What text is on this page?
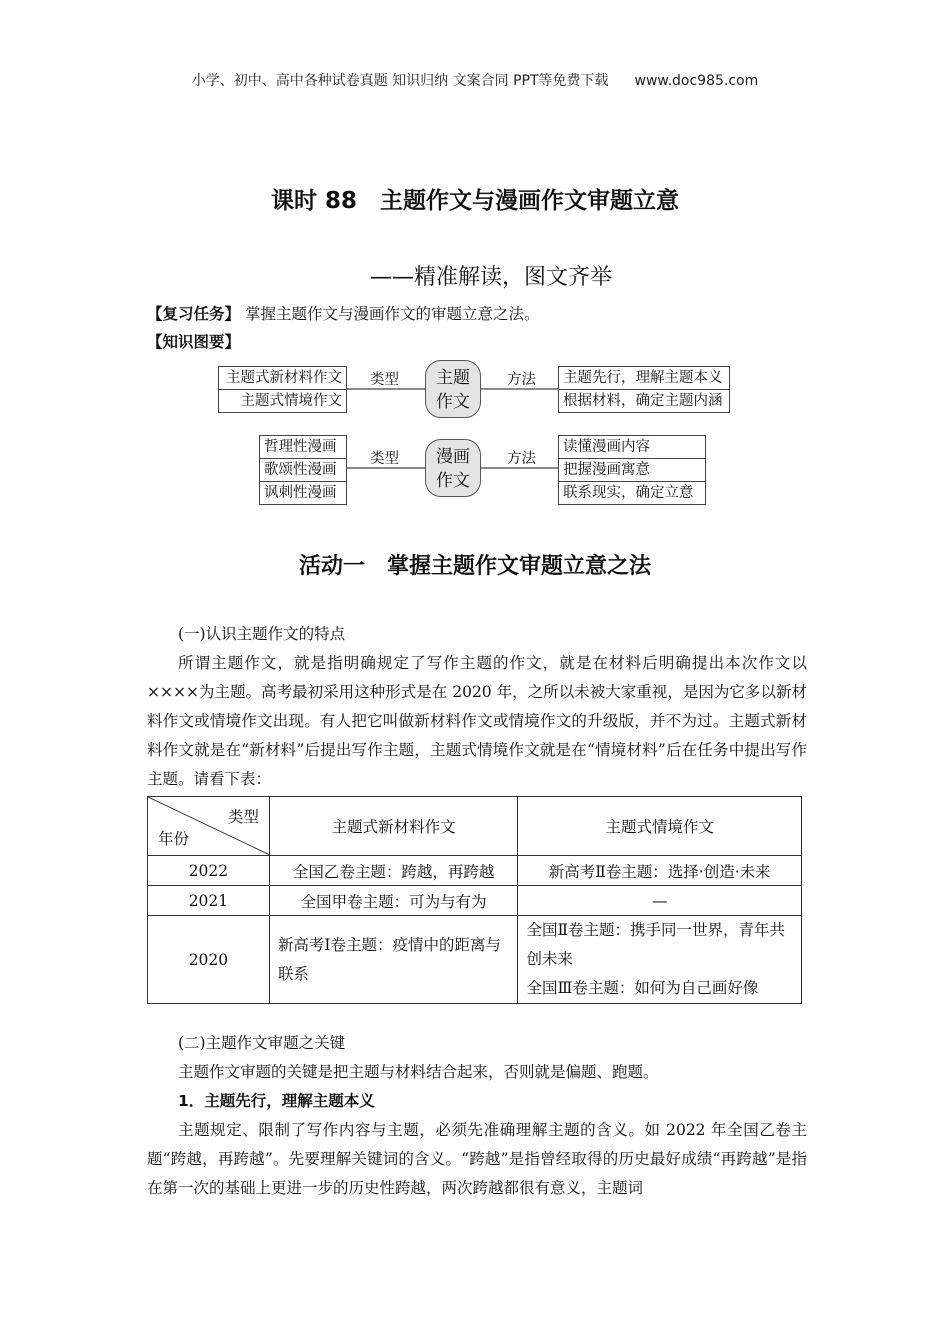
小学、初中、高中各种试卷真题 知识归纳 文案合同 PPT等免费下载 www.doc985.com
课时 88　主题作文与漫画作文审题立意
——精准解读，图文齐举
【复习任务】 掌握主题作文与漫画作文的审题立意之法。
【知识图要】
主题式新材料作文
主题式情境作文
类型	主题
作文
方法 主题先行，理解主题本义
根据材料，确定主题内涵
哲理性漫画
歌颂性漫画
讽刺性漫画
类型	漫画
作文
方法
读懂漫画内容
把握漫画寓意
联系现实，确定立意
活动一　掌握主题作文审题立意之法

(一)认识主题作文的特点

所谓主题作文，就是指明确规定了写作主题的作文，就是在材料后明确提出本次作文以××××为主题。高考最初采用这种形式是在 2020 年，之所以未被大家重视，是因为它多以新材料作文或情境作文出现。有人把它叫做新材料作文或情境作文的升级版，并不为过。主题式新材料作文就是在“新材料”后提出写作主题，主题式情境作文就是在“情境材料”后在任务中提出写作主题。请看下表：

类型
年份	主题式新材料作文	主题式情境作文
2022	全国乙卷主题：跨越，再跨越	新高考Ⅱ卷主题：选择·创造·未来
2021	全国甲卷主题：可为与有为	—
2020	新高考Ⅰ卷主题：疫情中的距离与联系	全国Ⅱ卷主题：携手同一世界，青年共创未来
全国Ⅲ卷主题：如何为自己画好像

(二)主题作文审题之关键

主题作文审题的关键是把主题与材料结合起来，否则就是偏题、跑题。

1．主题先行，理解主题本义

主题规定、限制了写作内容与主题，必须先准确理解主题的含义。如 2022 年全国乙卷主题“跨越，再跨越”。先要理解关键词的含义。“跨越”是指曾经取得的历史最好成绩“再跨越”是指在第一次的基础上更进一步的历史性跨越，两次跨越都很有意义，主题词
